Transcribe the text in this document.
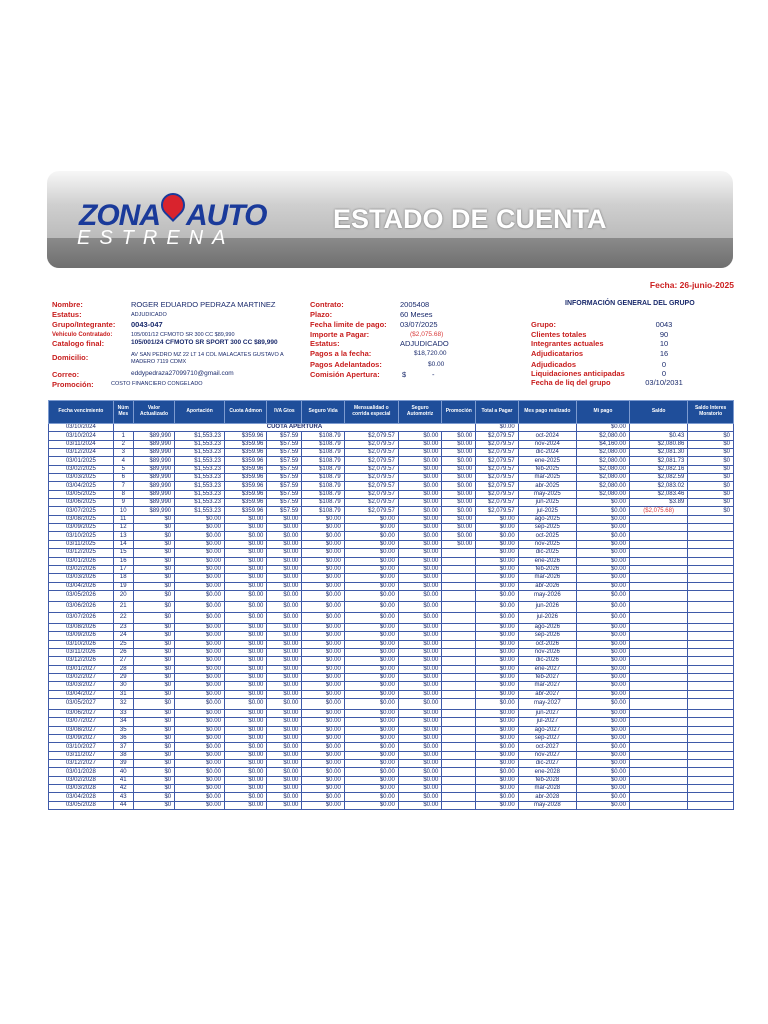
ZONA AUTO
ESTRENA
ESTADO DE CUENTA
Fecha: 26-junio-2025
Nombre:	ROGER EDUARDO PEDRAZA MARTINEZ
Estatus:	ADJUDICADO
Grupo/Integrante: 0043-047
Vehiculo Contratado:	105/001/12 CFMOTO SR 300 CC $89,990
Catalogo final:	105/001/24 CFMOTO SR SPORT 300 CC $89,990
Domicilio:	AV SAN PEDRO MZ 22 LT 14 COL MALACATES GUSTAVO A MADERO 7119 CDMX
Correo:	eddypedraza27099710@gmail.com
Promoción:	COSTO FINANCIERO CONGELADO
Contrato:	2005408
Plazo:	60 Meses
Fecha limite de pago: 03/07/2025
Importe a Pagar:	($2,075.68)
Estatus:	ADJUDICADO
Pagos a la fecha:	$18,720.00
Pagos Adelantados:	$0.00
Comisión Apertura:	$	-
INFORMACIÓN GENERAL DEL GRUPO
Grupo:	0043
Clientes totales	90
Integrantes actuales	10
Adjudicatarios	16
Adjudicados	0
Liquidaciones anticipadas	0
Fecha de liq del grupo	03/10/2031
Fecha vencimiento	Núm Mes	Valor Actualizado	Aportación	Cuota Admon	IVA Gtos	Seguro Vida	Mensualidad o corrida especial	Seguro Automotriz	Promoción	Total a Pagar	Mes pago realizado	Mi pago	Saldo	Saldo Interes Moratorio
03/10/2024	CUOTA APERTURA									$0.00		$0.00		
03/10/2024	1	$89,990	$1,553.23	$359.96	$57.59	$108.79	$2,079.57	$0.00	$0.00	$2,079.57	oct-2024	$2,080.00	$0.43	$0
03/11/2024	2	$89,990	$1,553.23	$359.96	$57.59	$108.79	$2,079.57	$0.00	$0.00	$2,079.57	nov-2024	$4,160.00	$2,080.86	$0
03/12/2024	3	$89,990	$1,553.23	$359.96	$57.59	$108.79	$2,079.57	$0.00	$0.00	$2,079.57	dic-2024	$2,080.00	$2,081.30	$0
03/01/2025	4	$89,990	$1,553.23	$359.96	$57.59	$108.79	$2,079.57	$0.00	$0.00	$2,079.57	ene-2025	$2,080.00	$2,081.73	$0
03/02/2025	5	$89,990	$1,553.23	$359.96	$57.59	$108.79	$2,079.57	$0.00	$0.00	$2,079.57	feb-2025	$2,080.00	$2,082.16	$0
03/03/2025	6	$89,990	$1,553.23	$359.96	$57.59	$108.79	$2,079.57	$0.00	$0.00	$2,079.57	mar-2025	$2,080.00	$2,082.59	$0
03/04/2025	7	$89,990	$1,553.23	$359.96	$57.59	$108.79	$2,079.57	$0.00	$0.00	$2,079.57	abr-2025	$2,080.00	$2,083.02	$0
03/05/2025	8	$89,990	$1,553.23	$359.96	$57.59	$108.79	$2,079.57	$0.00	$0.00	$2,079.57	may-2025	$2,080.00	$2,083.46	$0
03/06/2025	9	$89,990	$1,553.23	$359.96	$57.59	$108.79	$2,079.57	$0.00	$0.00	$2,079.57	jun-2025	$0.00	$3.89	$0
03/07/2025	10	$89,990	$1,553.23	$359.96	$57.59	$108.79	$2,079.57	$0.00	$0.00	$2,079.57	jul-2025	$0.00	($2,075.68)	$0
03/08/2025	11	$0	$0.00	$0.00	$0.00	$0.00	$0.00	$0.00	$0.00	$0.00	ago-2025	$0.00		
03/09/2025	12	$0	$0.00	$0.00	$0.00	$0.00	$0.00	$0.00	$0.00	$0.00	sep-2025	$0.00		
03/10/2025	13	$0	$0.00	$0.00	$0.00	$0.00	$0.00	$0.00	$0.00	$0.00	oct-2025	$0.00		
03/11/2025	14	$0	$0.00	$0.00	$0.00	$0.00	$0.00	$0.00	$0.00	$0.00	nov-2025	$0.00		
03/12/2025	15	$0	$0.00	$0.00	$0.00	$0.00	$0.00	$0.00		$0.00	dic-2025	$0.00		
03/01/2026	16	$0	$0.00	$0.00	$0.00	$0.00	$0.00	$0.00		$0.00	ene-2026	$0.00		
03/02/2026	17	$0	$0.00	$0.00	$0.00	$0.00	$0.00	$0.00		$0.00	feb-2026	$0.00		
03/03/2026	18	$0	$0.00	$0.00	$0.00	$0.00	$0.00	$0.00		$0.00	mar-2026	$0.00		
03/04/2026	19	$0	$0.00	$0.00	$0.00	$0.00	$0.00	$0.00		$0.00	abr-2026	$0.00		
03/05/2026	20	$0	$0.00	$0.00	$0.00	$0.00	$0.00	$0.00		$0.00	may-2026	$0.00		
03/06/2026	21	$0	$0.00	$0.00	$0.00	$0.00	$0.00	$0.00		$0.00	jun-2026	$0.00		
03/07/2026	22	$0	$0.00	$0.00	$0.00	$0.00	$0.00	$0.00		$0.00	jul-2026	$0.00		
03/08/2026	23	$0	$0.00	$0.00	$0.00	$0.00	$0.00	$0.00		$0.00	ago-2026	$0.00		
03/09/2026	24	$0	$0.00	$0.00	$0.00	$0.00	$0.00	$0.00		$0.00	sep-2026	$0.00		
03/10/2026	25	$0	$0.00	$0.00	$0.00	$0.00	$0.00	$0.00		$0.00	oct-2026	$0.00		
03/11/2026	26	$0	$0.00	$0.00	$0.00	$0.00	$0.00	$0.00		$0.00	nov-2026	$0.00		
03/12/2026	27	$0	$0.00	$0.00	$0.00	$0.00	$0.00	$0.00		$0.00	dic-2026	$0.00		
03/01/2027	28	$0	$0.00	$0.00	$0.00	$0.00	$0.00	$0.00		$0.00	ene-2027	$0.00		
03/02/2027	29	$0	$0.00	$0.00	$0.00	$0.00	$0.00	$0.00		$0.00	feb-2027	$0.00		
03/03/2027	30	$0	$0.00	$0.00	$0.00	$0.00	$0.00	$0.00		$0.00	mar-2027	$0.00		
03/04/2027	31	$0	$0.00	$0.00	$0.00	$0.00	$0.00	$0.00		$0.00	abr-2027	$0.00		
03/05/2027	32	$0	$0.00	$0.00	$0.00	$0.00	$0.00	$0.00		$0.00	may-2027	$0.00		
03/06/2027	33	$0	$0.00	$0.00	$0.00	$0.00	$0.00	$0.00		$0.00	jun-2027	$0.00		
03/07/2027	34	$0	$0.00	$0.00	$0.00	$0.00	$0.00	$0.00		$0.00	jul-2027	$0.00		
03/08/2027	35	$0	$0.00	$0.00	$0.00	$0.00	$0.00	$0.00		$0.00	ago-2027	$0.00		
03/09/2027	36	$0	$0.00	$0.00	$0.00	$0.00	$0.00	$0.00		$0.00	sep-2027	$0.00		
03/10/2027	37	$0	$0.00	$0.00	$0.00	$0.00	$0.00	$0.00		$0.00	oct-2027	$0.00		
03/11/2027	38	$0	$0.00	$0.00	$0.00	$0.00	$0.00	$0.00		$0.00	nov-2027	$0.00		
03/12/2027	39	$0	$0.00	$0.00	$0.00	$0.00	$0.00	$0.00		$0.00	dic-2027	$0.00		
03/01/2028	40	$0	$0.00	$0.00	$0.00	$0.00	$0.00	$0.00		$0.00	ene-2028	$0.00		
03/02/2028	41	$0	$0.00	$0.00	$0.00	$0.00	$0.00	$0.00		$0.00	feb-2028	$0.00		
03/03/2028	42	$0	$0.00	$0.00	$0.00	$0.00	$0.00	$0.00		$0.00	mar-2028	$0.00		
03/04/2028	43	$0	$0.00	$0.00	$0.00	$0.00	$0.00	$0.00		$0.00	abr-2028	$0.00		
03/05/2028	44	$0	$0.00	$0.00	$0.00	$0.00	$0.00	$0.00		$0.00	may-2028	$0.00		
